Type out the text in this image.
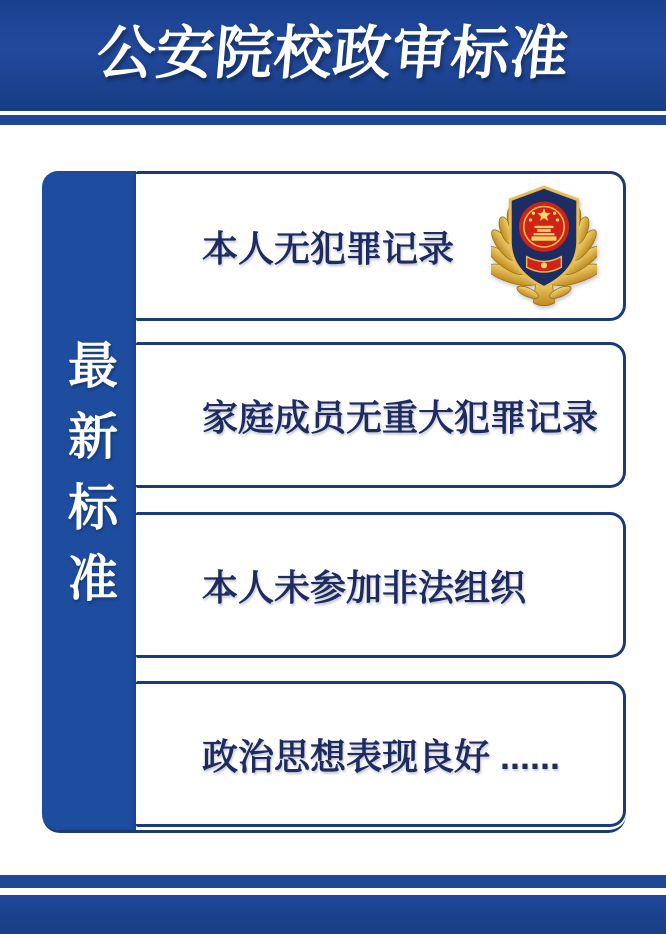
公安院校政审标准
最新标准
本人无犯罪记录
家庭成员无重大犯罪记录
本人未参加非法组织
政治思想表现良好 ......
